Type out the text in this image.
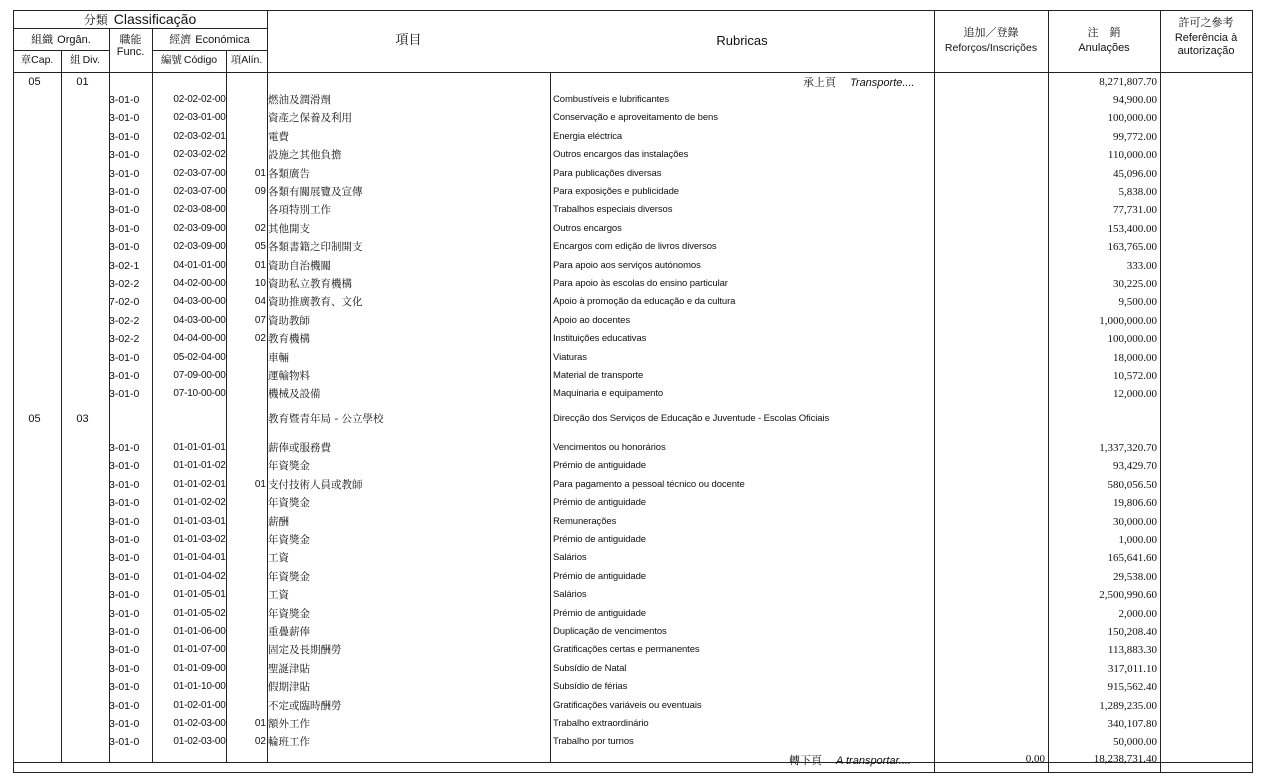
分類 Classificação
組織 Orgân.
章Cap.	組 Div.
職能
Func.
經濟 Económica
編號 Código	項Alín.
項目	Rubricas
追加／登錄
Reforços/Inscrições
注　銷
Anulações
許可之參考
Referência à
autorização
05	01	承上頁 Transporte....	8,271,807.70
3-01-0	02-02-02-00	燃油及潤滑劑	Combustíveis e lubrificantes	94,900.00
3-01-0	02-03-01-00	資產之保養及利用	Conservação e aproveitamento de bens	100,000.00
3-01-0	02-03-02-01	電費	Energia eléctrica	99,772.00
3-01-0	02-03-02-02	設施之其他負擔	Outros encargos das instalações	110,000.00
3-01-0	02-03-07-00	01 各類廣告	Para publicações diversas	45,096.00
3-01-0	02-03-07-00	09 各類有關展覽及宣傳	Para exposições e publicidade	5,838.00
3-01-0	02-03-08-00	各項特別工作	Trabalhos especiais diversos	77,731.00
3-01-0	02-03-09-00	02 其他開支	Outros encargos	153,400.00
3-01-0	02-03-09-00	05 各類書籍之印制開支	Encargos com edição de livros diversos	163,765.00
3-02-1	04-01-01-00	01 資助自治機關	Para apoio aos serviços autónomos	333.00
3-02-2	04-02-00-00	10 資助私立教育機構	Para apoio às escolas do ensino particular	30,225.00
7-02-0	04-03-00-00	04 資助推廣教育、文化	Apoio à promoção da educação e da cultura	9,500.00
3-02-2	04-03-00-00	07 資助教師	Apoio ao docentes	1,000,000.00
3-02-2	04-04-00-00	02 教育機構	Instituições educativas	100,000.00
3-01-0	05-02-04-00	車輛	Viaturas	18,000.00
3-01-0	07-09-00-00	運輸物料	Material de transporte	10,572.00
3-01-0	07-10-00-00	機械及設備	Maquinaria e equipamento	12,000.00
05	03	教育暨青年局 - 公立學校	Direcção dos Serviços de Educação e Juventude - Escolas Oficiais
3-01-0	01-01-01-01	薪俸或服務費	Vencimentos ou honorários	1,337,320.70
3-01-0	01-01-01-02	年資獎金	Prémio de antiguidade	93,429.70
3-01-0	01-01-02-01	01 支付技術人員或教師	Para pagamento a pessoal técnico ou docente	580,056.50
3-01-0	01-01-02-02	年資獎金	Prémio de antiguidade	19,806.60
3-01-0	01-01-03-01	薪酬	Remunerações	30,000.00
3-01-0	01-01-03-02	年資獎金	Prémio de antiguidade	1,000.00
3-01-0	01-01-04-01	工資	Salários	165,641.60
3-01-0	01-01-04-02	年資獎金	Prémio de antiguidade	29,538.00
3-01-0	01-01-05-01	工資	Salários	2,500,990.60
3-01-0	01-01-05-02	年資獎金	Prémio de antiguidade	2,000.00
3-01-0	01-01-06-00	重疊薪俸	Duplicação de vencimentos	150,208.40
3-01-0	01-01-07-00	固定及長期酬勞	Gratificações certas e permanentes	113,883.30
3-01-0	01-01-09-00	聖誕津貼	Subsídio de Natal	317,011.10
3-01-0	01-01-10-00	假期津貼	Subsídio de férias	915,562.40
3-01-0	01-02-01-00	不定或臨時酬勞	Gratificações variáveis ou eventuais	1,289,235.00
3-01-0	01-02-03-00	01 額外工作	Trabalho extraordinário	340,107.80
3-01-0	01-02-03-00	02 輪班工作	Trabalho por turnos	50,000.00
轉下頁 A transportar....	0.00	18,238,731.40
